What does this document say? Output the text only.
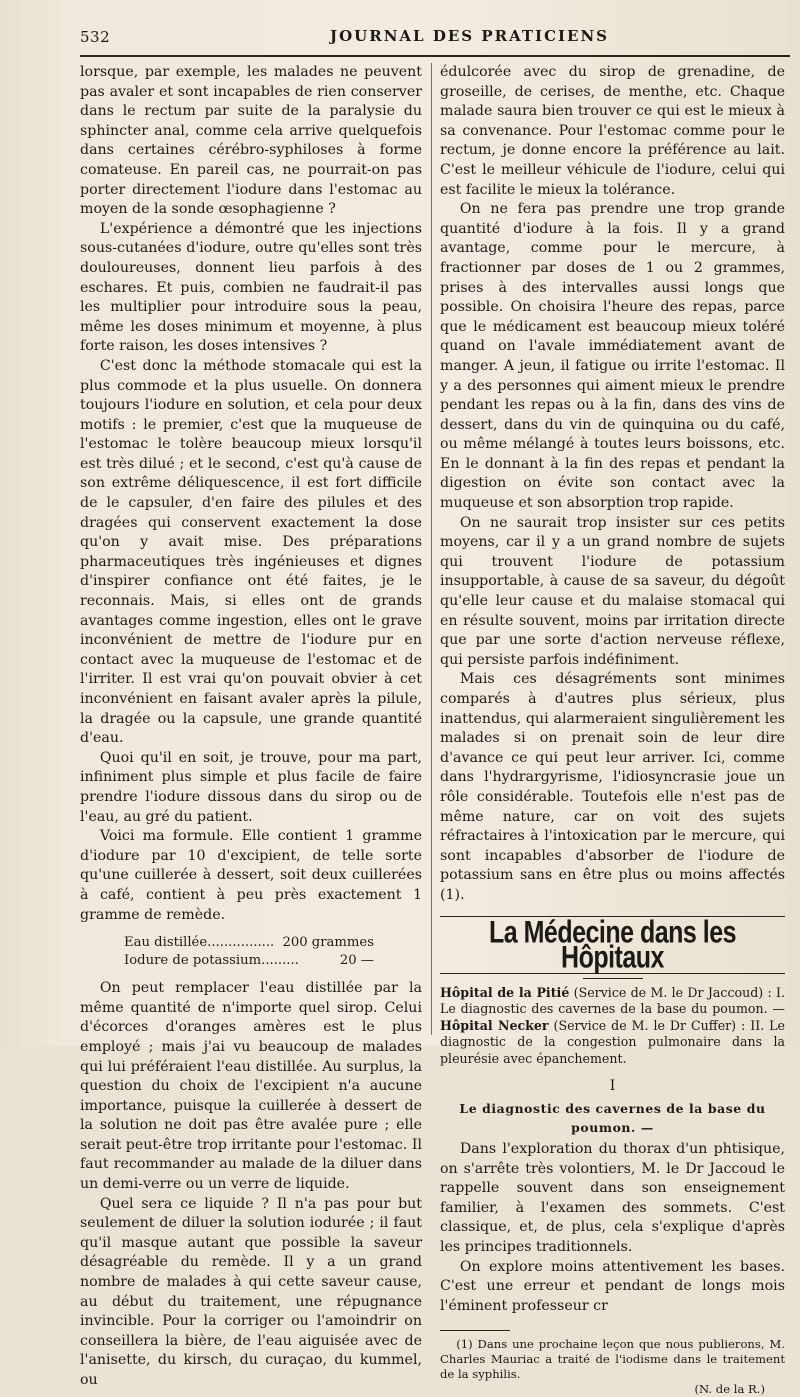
532	JOURNAL DES PRATICIENS

lorsque, par exemple, les malades ne peuvent pas avaler et sont incapables de rien conserver dans le rectum par suite de la paralysie du sphincter anal, comme cela arrive quelquefois dans certaines cérébro-syphiloses à forme comateuse. En pareil cas, ne pourrait-on pas porter directement l'iodure dans l'estomac au moyen de la sonde œsophagienne ?

L'expérience a démontré que les injections sous-cutanées d'iodure, outre qu'elles sont très douloureuses, donnent lieu parfois à des eschares. Et puis, combien ne faudrait-il pas les multiplier pour introduire sous la peau, même les doses minimum et moyenne, à plus forte raison, les doses intensives ?

C'est donc la méthode stomacale qui est la plus commode et la plus usuelle. On donnera toujours l'iodure en solution, et cela pour deux motifs : le premier, c'est que la muqueuse de l'estomac le tolère beaucoup mieux lorsqu'il est très dilué ; et le second, c'est qu'à cause de son extrême déliquescence, il est fort difficile de le capsuler, d'en faire des pilules et des dragées qui conservent exactement la dose qu'on y avait mise. Des préparations pharmaceutiques très ingénieuses et dignes d'inspirer confiance ont été faites, je le reconnais. Mais, si elles ont de grands avantages comme ingestion, elles ont le grave inconvénient de mettre de l'iodure pur en contact avec la muqueuse de l'estomac et de l'irriter. Il est vrai qu'on pouvait obvier à cet inconvénient en faisant avaler après la pilule, la dragée ou la capsule, une grande quantité d'eau.

Quoi qu'il en soit, je trouve, pour ma part, infiniment plus simple et plus facile de faire prendre l'iodure dissous dans du sirop ou de l'eau, au gré du patient.

Voici ma formule. Elle contient 1 gramme d'iodure par 10 d'excipient, de telle sorte qu'une cuillerée à dessert, soit deux cuillerées à café, contient à peu près exactement 1 gramme de remède.

Eau distillée ................ 200 grammes
Iodure de potassium .........	20 —

On peut remplacer l'eau distillée par la même quantité de n'importe quel sirop. Celui d'écorces d'oranges amères est le plus employé ; mais j'ai vu beaucoup de malades qui lui préféraient l'eau distillée. Au surplus, la question du choix de l'excipient n'a aucune importance, puisque la cuillerée à dessert de la solution ne doit pas être avalée pure ; elle serait peut-être trop irritante pour l'estomac. Il faut recommander au malade de la diluer dans un demi-verre ou un verre de liquide.

Quel sera ce liquide ? Il n'a pas pour but seulement de diluer la solution iodurée ; il faut qu'il masque autant que possible la saveur désagréable du remède. Il y a un grand nombre de malades à qui cette saveur cause, au début du traitement, une répugnance invincible. Pour la corriger ou l'amoindrir on conseillera la bière, de l'eau aiguisée avec de l'anisette, du kirsch, du curaçao, du kummel, ou

édulcorée avec du sirop de grenadine, de groseille, de cerises, de menthe, etc. Chaque malade saura bien trouver ce qui est le mieux à sa convenance. Pour l'estomac comme pour le rectum, je donne encore la préférence au lait. C'est le meilleur véhicule de l'iodure, celui qui est facilite le mieux la tolérance.

On ne fera pas prendre une trop grande quantité d'iodure à la fois. Il y a grand avantage, comme pour le mercure, à fractionner par doses de 1 ou 2 grammes, prises à des intervalles aussi longs que possible. On choisira l'heure des repas, parce que le médicament est beaucoup mieux toléré quand on l'avale immédiatement avant de manger. A jeun, il fatigue ou irrite l'estomac. Il y a des personnes qui aiment mieux le prendre pendant les repas ou à la fin, dans des vins de dessert, dans du vin de quinquina ou du café, ou même mélangé à toutes leurs boissons, etc. En le donnant à la fin des repas et pendant la digestion on évite son contact avec la muqueuse et son absorption trop rapide.

On ne saurait trop insister sur ces petits moyens, car il y a un grand nombre de sujets qui trouvent l'iodure de potassium insupportable, à cause de sa saveur, du dégoût qu'elle leur cause et du malaise stomacal qui en résulte souvent, moins par irritation directe que par une sorte d'action nerveuse réflexe, qui persiste parfois indéfiniment.

Mais ces désagréments sont minimes comparés à d'autres plus sérieux, plus inattendus, qui alarmeraient singulièrement les malades si on prenait soin de leur dire d'avance ce qui peut leur arriver. Ici, comme dans l'hydrargyrisme, l'idiosyncrasie joue un rôle considérable. Toutefois elle n'est pas de même nature, car on voit des sujets réfractaires à l'intoxication par le mercure, qui sont incapables d'absorber de l'iodure de potassium sans en être plus ou moins affectés (1).

La Médecine dans les Hôpitaux

Hôpital de la Pitié (Service de M. le Dr Jaccoud) : I. Le diagnostic des cavernes de la base du poumon. — Hôpital Necker (Service de M. le Dr Cuffer) : II. Le diagnostic de la congestion pulmonaire dans la pleurésie avec épanchement.

I
Le diagnostic des cavernes de la base du poumon. —

Dans l'exploration du thorax d'un phtisique, on s'arrête très volontiers, M. le Dr Jaccoud le rappelle souvent dans son enseignement familier, à l'examen des sommets. C'est classique, et, de plus, cela s'explique d'après les principes traditionnels.

On explore moins attentivement les bases. C'est une erreur et pendant de longs mois l'éminent professeur cr

(1) Dans une prochaine leçon que nous publierons, M. Charles Mauriac a traité de l'iodisme dans le traitement de la syphilis.

(N. de la R.)
